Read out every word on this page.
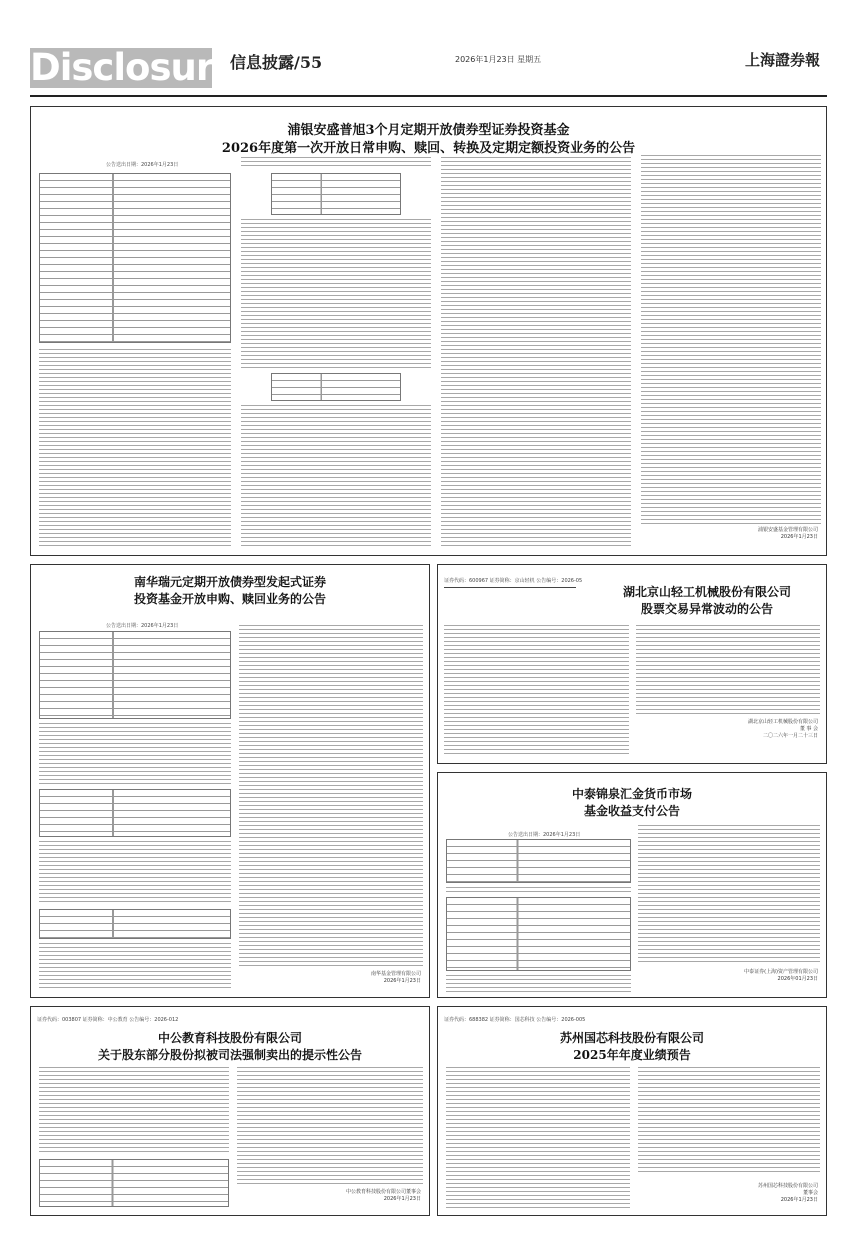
Disclosure
信息披露/55	2026年1月23日 星期五	上海證券報
浦银安盛普旭3个月定期开放债券型证券投资基金
2026年度第一次开放日常申购、赎回、转换及定期定额投资业务的公告
公告送出日期：2026年1月23日
浦银安盛基金管理有限公司
2026年1月23日
南华瑞元定期开放债券型发起式证券
投资基金开放申购、赎回业务的公告
公告送出日期：2026年1月23日
南华基金管理有限公司
2026年1月23日
证券代码：600967 证券简称：京山轻机 公告编号：2026-05
湖北京山轻工机械股份有限公司
股票交易异常波动的公告
湖北京山轻工机械股份有限公司
董 事 会
二〇二六年一月二十三日
中泰锦泉汇金货币市场
基金收益支付公告
公告送出日期：2026年1月23日
中泰证券(上海)资产管理有限公司
2026年01月23日
证券代码：003807 证券简称：中公教育 公告编号：2026-012
中公教育科技股份有限公司
关于股东部分股份拟被司法强制卖出的提示性公告
中公教育科技股份有限公司董事会
2026年1月23日
证券代码：688382 证券简称：国芯科技 公告编号：2026-005
苏州国芯科技股份有限公司
2025年年度业绩预告
苏州国芯科技股份有限公司
董事会
2026年1月23日
